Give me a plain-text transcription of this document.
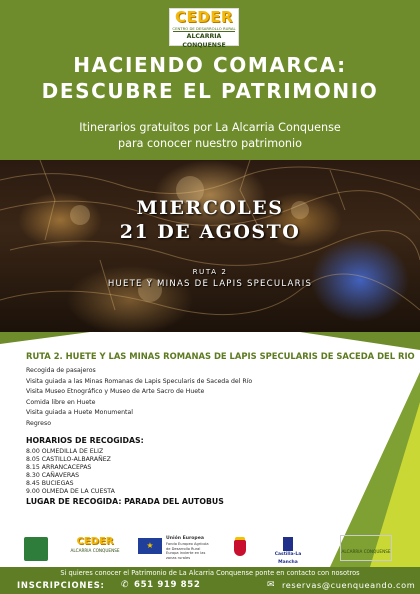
CEDER
CENTRO DE DESARROLLO RURAL
ALCARRIA CONQUENSE
HACIENDO COMARCA:
DESCUBRE EL PATRIMONIO
Itinerarios gratuitos por La Alcarria Conquense
para conocer nuestro patrimonio
MIERCOLES
21 DE AGOSTO
RUTA 2
HUETE Y MINAS DE LAPIS SPECULARIS
RUTA 2. HUETE Y LAS MINAS ROMANAS DE LAPIS SPECULARIS DE SACEDA DEL RIO
Recogida de pasajeros
Visita guiada a las Minas Romanas de Lapis Specularis de Saceda del Río
Visita Museo Etnográfico y Museo de Arte Sacro de Huete
Comida libre en Huete
Visita guiada a Huete Monumental
Regreso
HORARIOS DE RECOGIDAS:
8.00 OLMEDILLA DE ELIZ
8.05 CASTILLO-ALBARAÑEZ
8.15 ARRANCACEPAS
8.30 CAÑAVERAS
8.45 BUCIEGAS
9.00 OLMEDA DE LA CUESTA
LUGAR DE RECOGIDA: PARADA DEL AUTOBUS
CEDER
ALCARRIA CONQUENSE
★
Unión Europea
Fondo Europeo Agrícola
de Desarrollo Rural
Europa invierte en las zonas rurales
Castilla-La Mancha
ALCARRIA CONQUENSE
Si quieres conocer el Patrimonio de La Alcarria Conquense ponte en contacto con nosotros
INSCRIPCIONES: ✆ 651 919 852	✉ reservas@cuenqueando.com
